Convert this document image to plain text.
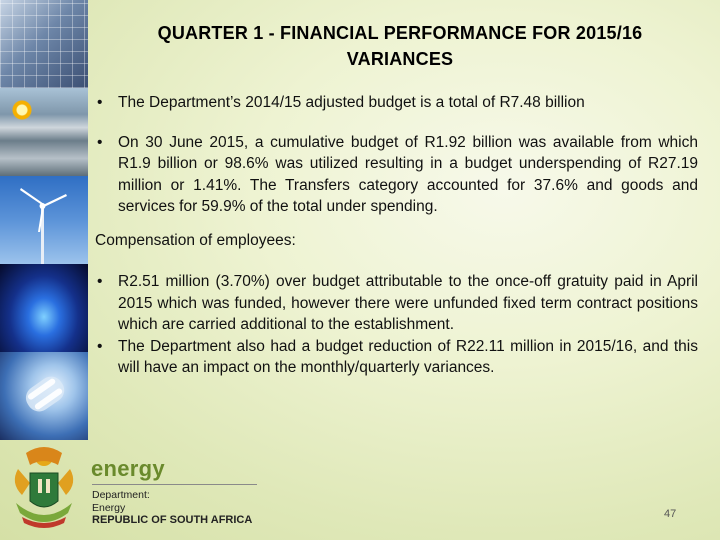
QUARTER 1 - FINANCIAL PERFORMANCE FOR 2015/16
VARIANCES
• The Department’s 2014/15 adjusted budget is a total of R7.48 billion
• On 30 June 2015, a cumulative budget of R1.92 billion was available from which R1.9 billion or 98.6% was utilized resulting in a budget underspending of R27.19 million or 1.41%. The Transfers category accounted for 37.6% and goods and services for 59.9% of the total under spending.
Compensation of employees:
• R2.51 million (3.70%) over budget attributable to the once-off gratuity paid in April 2015 which was funded, however there were unfunded fixed term contract positions which are carried additional to the establishment.
• The Department also had a budget reduction of R22.11 million in 2015/16, and this will have an impact on the monthly/quarterly variances.
energy
Department:
Energy
REPUBLIC OF SOUTH AFRICA	47
